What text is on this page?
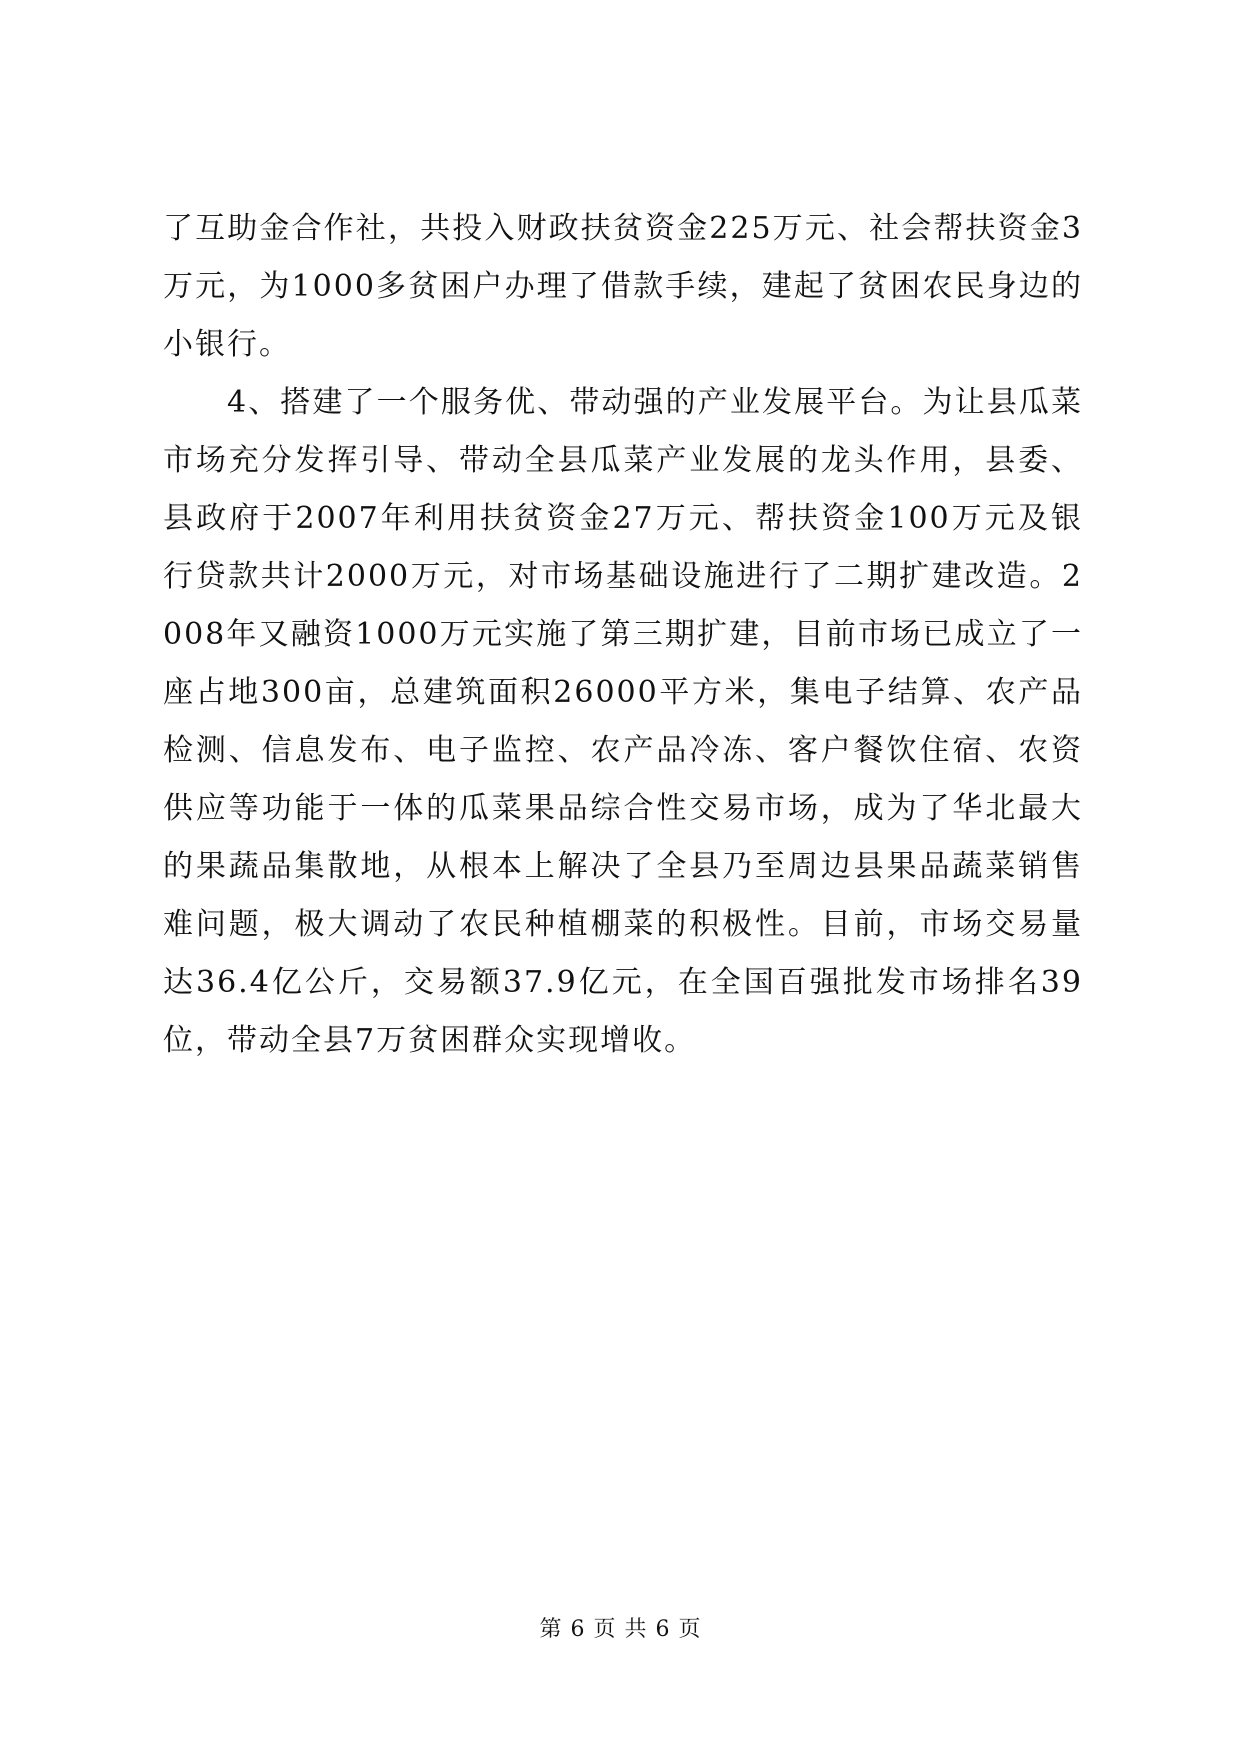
了互助金合作社，共投入财政扶贫资金225万元、社会帮扶资金3万元，为1000多贫困户办理了借款手续，建起了贫困农民身边的小银行。

4、搭建了一个服务优、带动强的产业发展平台。为让县瓜菜市场充分发挥引导、带动全县瓜菜产业发展的龙头作用，县委、县政府于2007年利用扶贫资金27万元、帮扶资金100万元及银行贷款共计2000万元，对市场基础设施进行了二期扩建改造。2008年又融资1000万元实施了第三期扩建，目前市场已成立了一座占地300亩，总建筑面积26000平方米，集电子结算、农产品检测、信息发布、电子监控、农产品冷冻、客户餐饮住宿、农资供应等功能于一体的瓜菜果品综合性交易市场，成为了华北最大的果蔬品集散地，从根本上解决了全县乃至周边县果品蔬菜销售难问题，极大调动了农民种植棚菜的积极性。目前，市场交易量达36.4亿公斤，交易额37.9亿元，在全国百强批发市场排名39位，带动全县7万贫困群众实现增收。

第 6 页 共 6 页
